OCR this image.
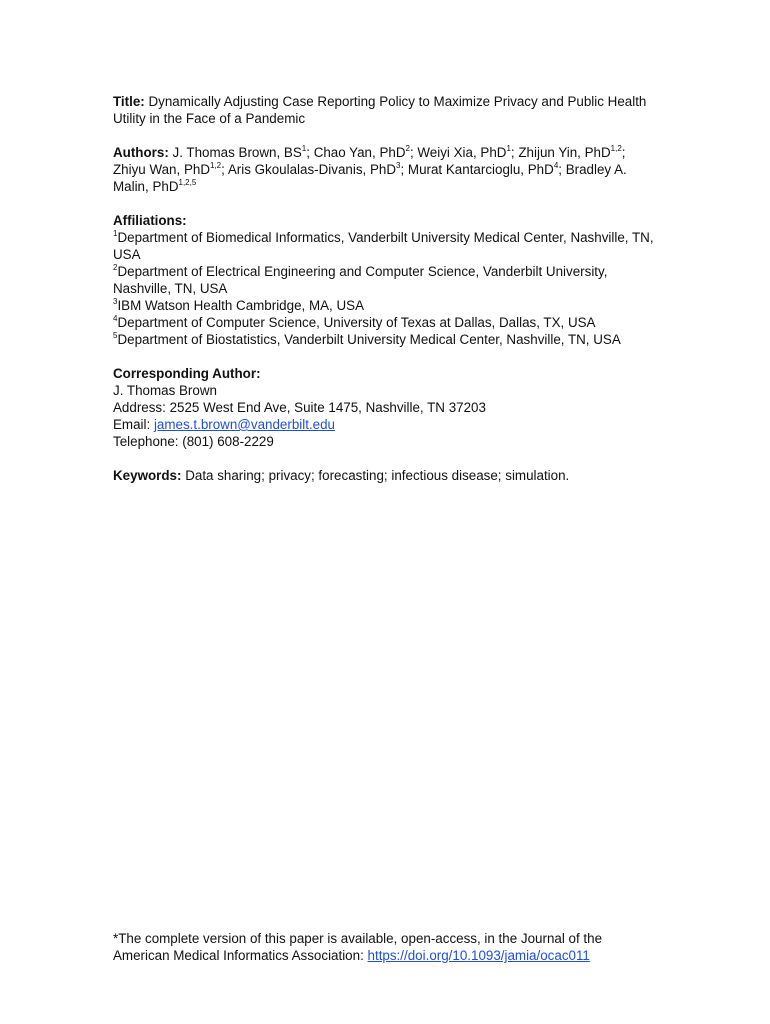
Title: Dynamically Adjusting Case Reporting Policy to Maximize Privacy and Public Health Utility in the Face of a Pandemic

Authors: J. Thomas Brown, $BS^1$; Chao Yan, PhD$^2$; Weiyi Xia, PhD$^1$; Zhijun Yin, PhD$^{1,2}$; Zhiyu Wan, PhD$^{1,2}$; Aris Gkoulalas-Divanis, PhD$^3$; Murat Kantarcioglu, PhD$^4$; Bradley A. Malin, PhD$^{1,2,5}$

Affiliations:
$^1$Department of Biomedical Informatics, Vanderbilt University Medical Center, Nashville, TN, USA
$^2$Department of Electrical Engineering and Computer Science, Vanderbilt University, Nashville, TN, USA
$^3$IBM Watson Health Cambridge, MA, USA
$^4$Department of Computer Science, University of Texas at Dallas, Dallas, TX, USA
$^5$Department of Biostatistics, Vanderbilt University Medical Center, Nashville, TN, USA
Corresponding Author:
J. Thomas Brown
Address: 2525 West End Ave, Suite 1475, Nashville, TN 37203
Email: james.t.brown@vanderbilt.edu
Telephone: (801) 608-2229

Keywords: Data sharing; privacy; forecasting; infectious disease; simulation.

*The complete version of this paper is available, open-access, in the Journal of the American Medical Informatics Association: https://doi.org/10.1093/jamia/ocac011
